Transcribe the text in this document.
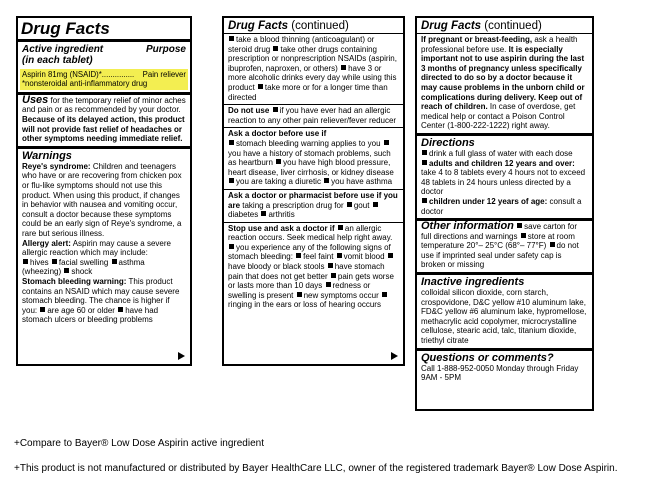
Drug Facts
Active ingredient	Purpose
(in each tablet)
Aspirin 81mg (NSAID)*............... Pain reliever
*nonsteroidal anti-inflammatory drug
Uses for the temporary relief of minor aches and pain or as recommended by your doctor. Because of its delayed action, this product will not provide fast relief of headaches or other symptoms needing immediate relief.
Warnings
Reye's syndrome: Children and teenagers who have or are recovering from chicken pox or flu-like symptoms should not use this product. When using this product, if changes in behavior with nausea and vomiting occur, consult a doctor because these symptoms could be an early sign of Reye's syndrome, a rare but serious illness.
Allergy alert: Aspirin may cause a severe allergic reaction which may include:
hives facial swelling asthma (wheezing) shock
Stomach bleeding warning: This product contains an NSAID which may cause severe stomach bleeding. The chance is higher if you: are age 60 or older have had stomach ulcers or bleeding problems
Drug Facts (continued)
take a blood thinning (anticoagulant) or steroid drug take other drugs containing prescription or nonprescription NSAIDs (aspirin, ibuprofen, naproxen, or others) have 3 or more alcoholic drinks every day while using this product take more or for a longer time than directed
Do not use if you have ever had an allergic reaction to any other pain reliever/fever reducer
Ask a doctor before use if
stomach bleeding warning applies to you you have a history of stomach problems, such as heartburn you have high blood pressure, heart disease, liver cirrhosis, or kidney disease you are taking a diuretic you have asthma
Ask a doctor or pharmacist before use if you are taking a prescription drug for gout diabetes arthritis
Stop use and ask a doctor if an allergic reaction occurs. Seek medical help right away. you experience any of the following signs of stomach bleeding: feel faint vomit blood have bloody or black stools have stomach pain that does not get better pain gets worse or lasts more than 10 days redness or swelling is present new symptoms occur ringing in the ears or loss of hearing occurs
Drug Facts (continued)
If pregnant or breast-feeding, ask a health professional before use. It is especially important not to use aspirin during the last 3 months of pregnancy unless specifically directed to do so by a doctor because it may cause problems in the unborn child or complications during delivery. Keep out of reach of children. In case of overdose, get medical help or contact a Poison Control Center (1-800-222-1222) right away.
Directions
drink a full glass of water with each dose
adults and children 12 years and over: take 4 to 8 tablets every 4 hours not to exceed 48 tablets in 24 hours unless directed by a doctor
children under 12 years of age: consult a doctor
Other information save carton for full directions and warnings store at room temperature 20°– 25°C (68°– 77°F) do not use if imprinted seal under safety cap is broken or missing
Inactive ingredients
colloidal silicon dioxide, corn starch, crospovidone, D&C yellow #10 aluminum lake, FD&C yellow #6 aluminum lake, hypromellose, methacrylic acid copolymer, microcrystalline cellulose, stearic acid, talc, titanium dioxide, triethyl citrate
Questions or comments?
Call 1-888-952-0050 Monday through Friday 9AM - 5PM
+Compare to Bayer® Low Dose Aspirin active ingredient
+This product is not manufactured or distributed by Bayer HealthCare LLC, owner of the registered trademark Bayer® Low Dose Aspirin.
